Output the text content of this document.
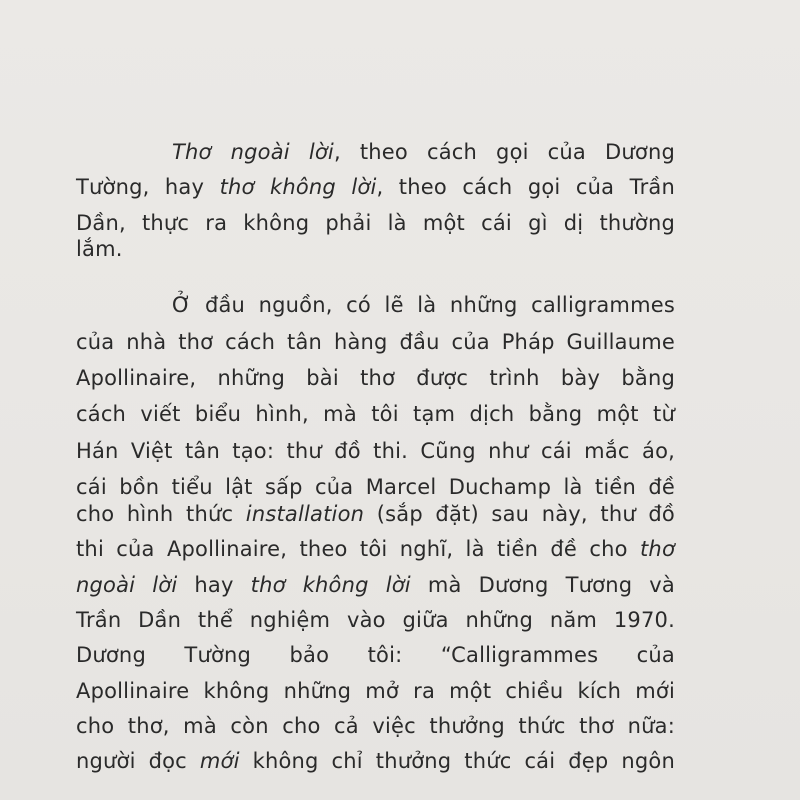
Thơ ngoài lời, theo cách gọi của Dương
Tường, hay thơ không lời, theo cách gọi của Trần
Dần, thực ra không phải là một cái gì dị thường
lắm.
Ở đầu nguồn, có lẽ là những calligrammes
của nhà thơ cách tân hàng đầu của Pháp Guillaume
Apollinaire, những bài thơ được trình bày bằng
cách viết biểu hình, mà tôi tạm dịch bằng một từ
Hán Việt tân tạo: thư đồ thi. Cũng như cái mắc áo,
cái bồn tiểu lật sấp của Marcel Duchamp là tiền đề
cho hình thức installation (sắp đặt) sau này, thư đồ
thi của Apollinaire, theo tôi nghĩ, là tiền đề cho thơ
ngoài lời hay thơ không lời mà Dương Tương và
Trần Dần thể nghiệm vào giữa những năm 1970.
Dương Tường bảo tôi: “Calligrammes của
Apollinaire không những mở ra một chiều kích mới
cho thơ, mà còn cho cả việc thưởng thức thơ nữa:
người đọc mới không chỉ thưởng thức cái đẹp ngôn
